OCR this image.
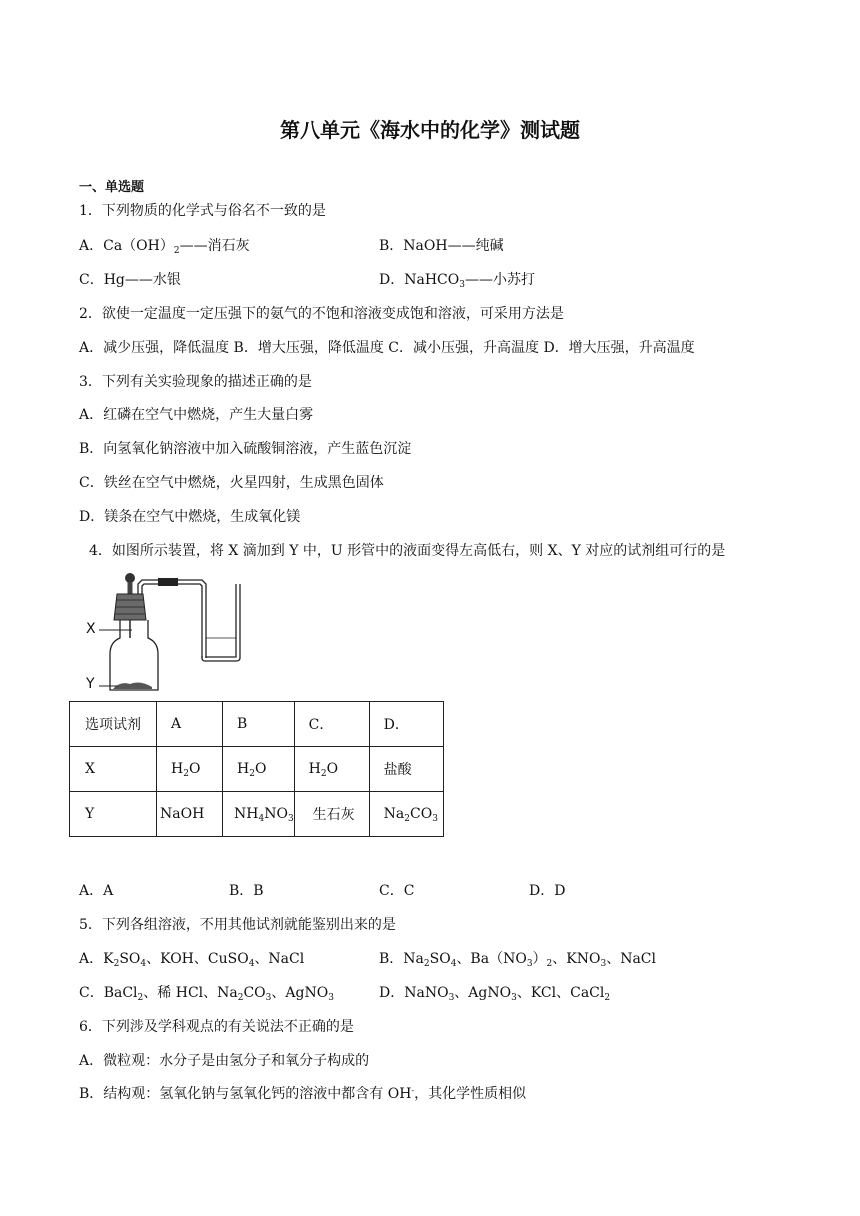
第八单元《海水中的化学》测试题
一、单选题
1．下列物质的化学式与俗名不一致的是
A．$Ca(OH)_2——$消石灰	B．NaOH——纯碱
C．Hg——水银	D．NaHCO$_3$——小苏打
2．欲使一定温度一定压强下的氨气的不饱和溶液变成饱和溶液，可采用方法是
A．减少压强，降低温度 B．增大压强，降低温度 C．减小压强，升高温度 D．增大压强，升高温度
3．下列有关实验现象的描述正确的是
A．红磷在空气中燃烧，产生大量白雾
B．向氢氧化钠溶液中加入硫酸铜溶液，产生蓝色沉淀
C．铁丝在空气中燃烧，火星四射，生成黑色固体
D．镁条在空气中燃烧，生成氧化镁
4．如图所示装置，将 X 滴加到 Y 中，U 形管中的液面变得左高低右，则 X、Y 对应的试剂组可行的是
X
Y
选项试剂	A	B	C．	D．
X	$H_2O$	$H_2O$	$H_2O$	盐酸
Y	NaOH	$NH_4NO_3$	生石灰	$Na_2CO_3$
A．A	B．B	C．C	D．D
5．下列各组溶液，不用其他试剂就能鉴别出来的是
A．$K_2SO_4$、KOH、CuSO$_4$、NaCl	B．$Na_2SO_4$、$Ba(NO_3)_2$、$KNO_3$、NaCl
C．BaCl$_2$、稀 HCl、$Na_2CO_3$、AgNO$_3$	D．NaNO$_3$、AgNO$_3$、KCl、CaCl$_2$
6．下列涉及学科观点的有关说法不正确的是
A．微粒观：水分子是由氢分子和氧分子构成的
B．结构观：氢氧化钠与氢氧化钙的溶液中都含有 OH-，其化学性质相似
